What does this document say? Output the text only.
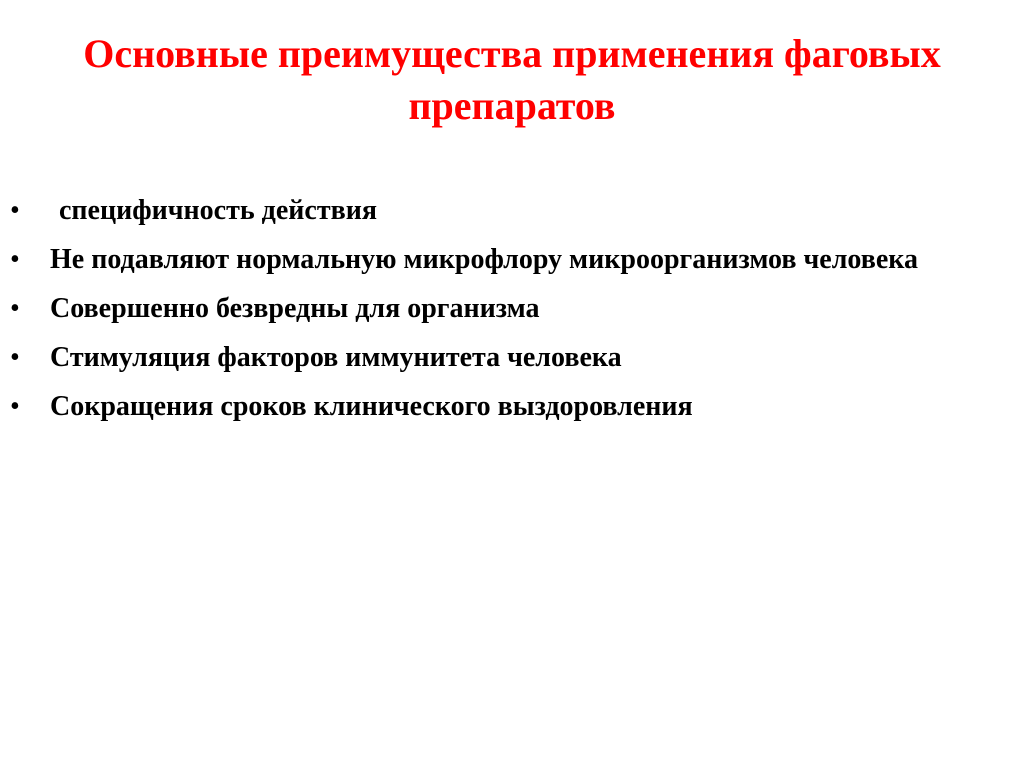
Основные преимущества применения фаговых препаратов
•	специфичность действия
• Не подавляют нормальную микрофлору микроорганизмов человека
• Совершенно безвредны для организма
• Стимуляция факторов иммунитета человека
• Сокращения сроков клинического выздоровления
